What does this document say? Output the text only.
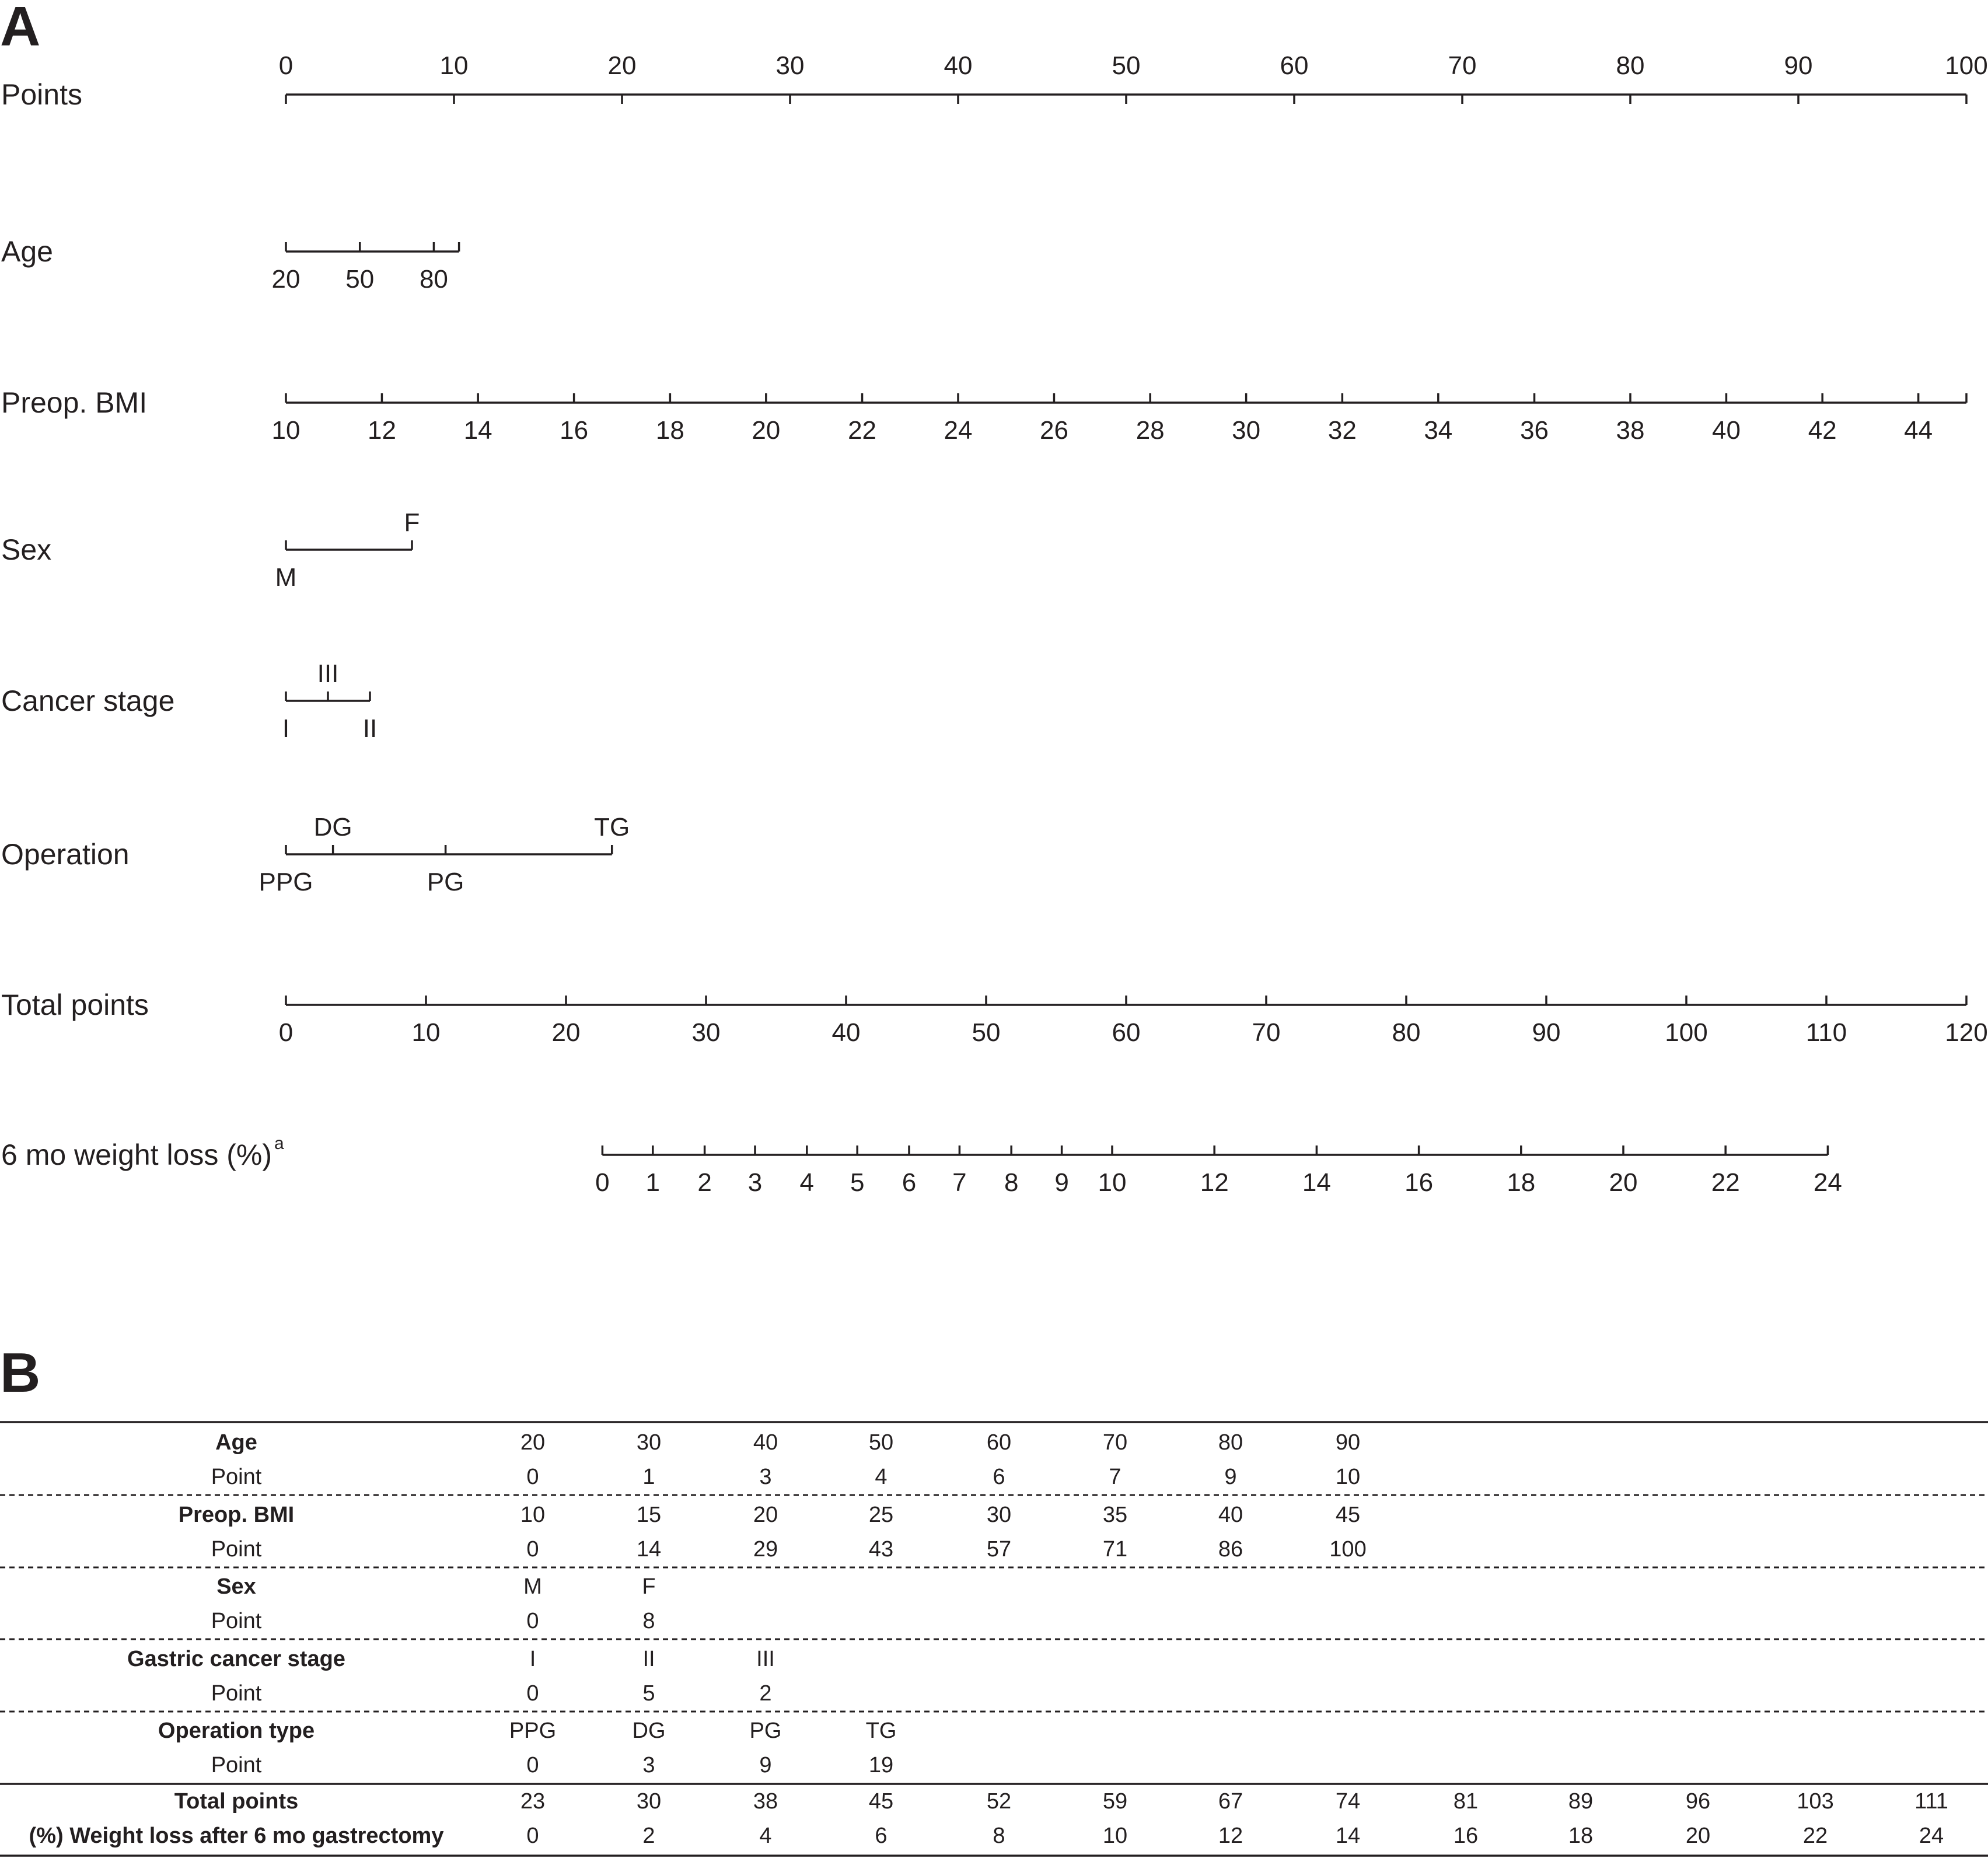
A
Points
0	10	20	30	40	50	60	70	80	90	100
Age
20 50 80
Preop. BMI
10	12	14	16	18	20	22	24	26	28	30	32	34	36	38	40	42	44
Sex
M
F
Cancer stage
I
III
II
Operation
PPG
DG
PG
TG
Total points
0	10	20	30	40	50	60	70	80	90	100	110	120
6 mo weight loss (%) a
0 1 2 3 4 5 6 7 8 9 10	12	14	16	18	20	22	24
B
Age	20	30	40	50	60	70	80	90
Point	0	1	3	4	6	7	9	10
Preop. BMI	10	15	20	25	30	35	40	45
Point	0	14	29	43	57	71	86	100
Sex	M	F
Point	0	8
Gastric cancer stage	I	II	III
Point	0	5	2
Operation type	PPG	DG	PG	TG
Point	0	3	9	19
Total points	23	30	38	45	52	59	67	74	81	89	96	103	111
(%) Weight loss after 6 mo gastrectomy	0	2	4	6	8	10	12	14	16	18	20	22	24
